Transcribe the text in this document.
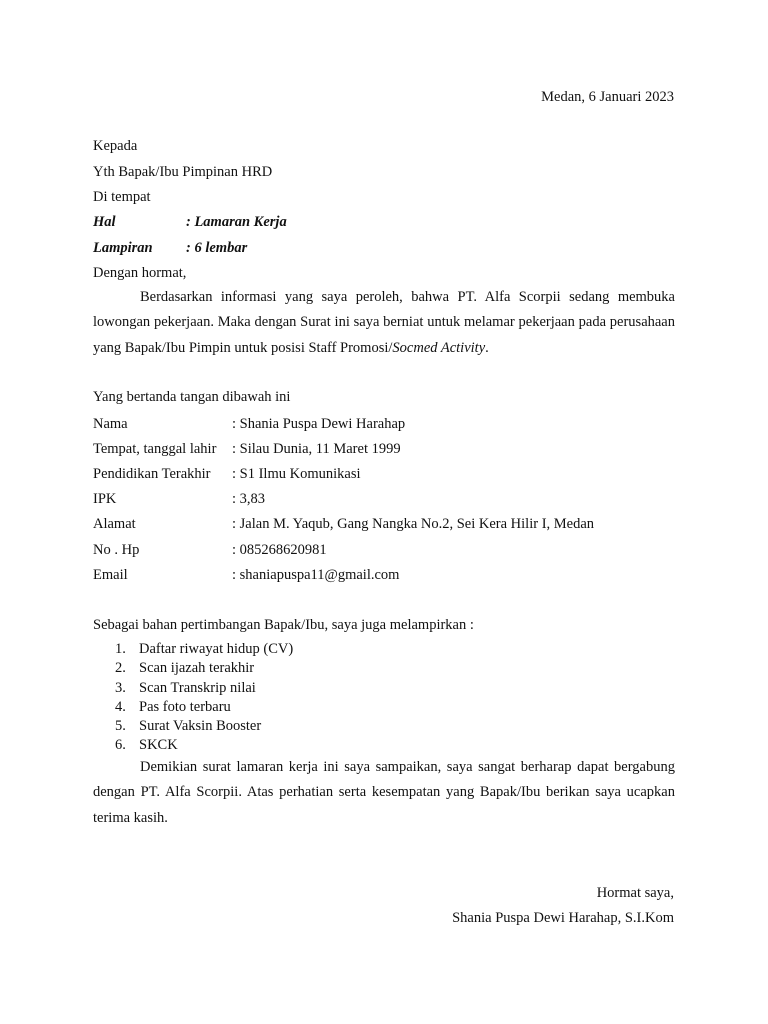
Medan, 6 Januari 2023
Kepada
Yth Bapak/Ibu Pimpinan HRD
Di tempat
Hal	: Lamaran Kerja
Lampiran : 6 lembar
Dengan hormat,
Berdasarkan informasi yang saya peroleh, bahwa PT. Alfa Scorpii sedang membuka lowongan pekerjaan. Maka dengan Surat ini saya berniat untuk melamar pekerjaan pada perusahaan yang Bapak/Ibu Pimpin untuk posisi Staff Promosi/Socmed Activity.
Yang bertanda tangan dibawah ini
Nama	: Shania Puspa Dewi Harahap
Tempat, tanggal lahir	: Silau Dunia, 11 Maret 1999
Pendidikan Terakhir	: S1 Ilmu Komunikasi
IPK	: 3,83
Alamat	: Jalan M. Yaqub, Gang Nangka No.2, Sei Kera Hilir I, Medan
No . Hp	: 085268620981
Email	: shaniapuspa11@gmail.com
Sebagai bahan pertimbangan Bapak/Ibu, saya juga melampirkan :
1. Daftar riwayat hidup (CV)
2. Scan ijazah terakhir
3. Scan Transkrip nilai
4. Pas foto terbaru
5. Surat Vaksin Booster
6. SKCK
Demikian surat lamaran kerja ini saya sampaikan, saya sangat berharap dapat bergabung dengan PT. Alfa Scorpii. Atas perhatian serta kesempatan yang Bapak/Ibu berikan saya ucapkan terima kasih.
Hormat saya,
Shania Puspa Dewi Harahap, S.I.Kom
